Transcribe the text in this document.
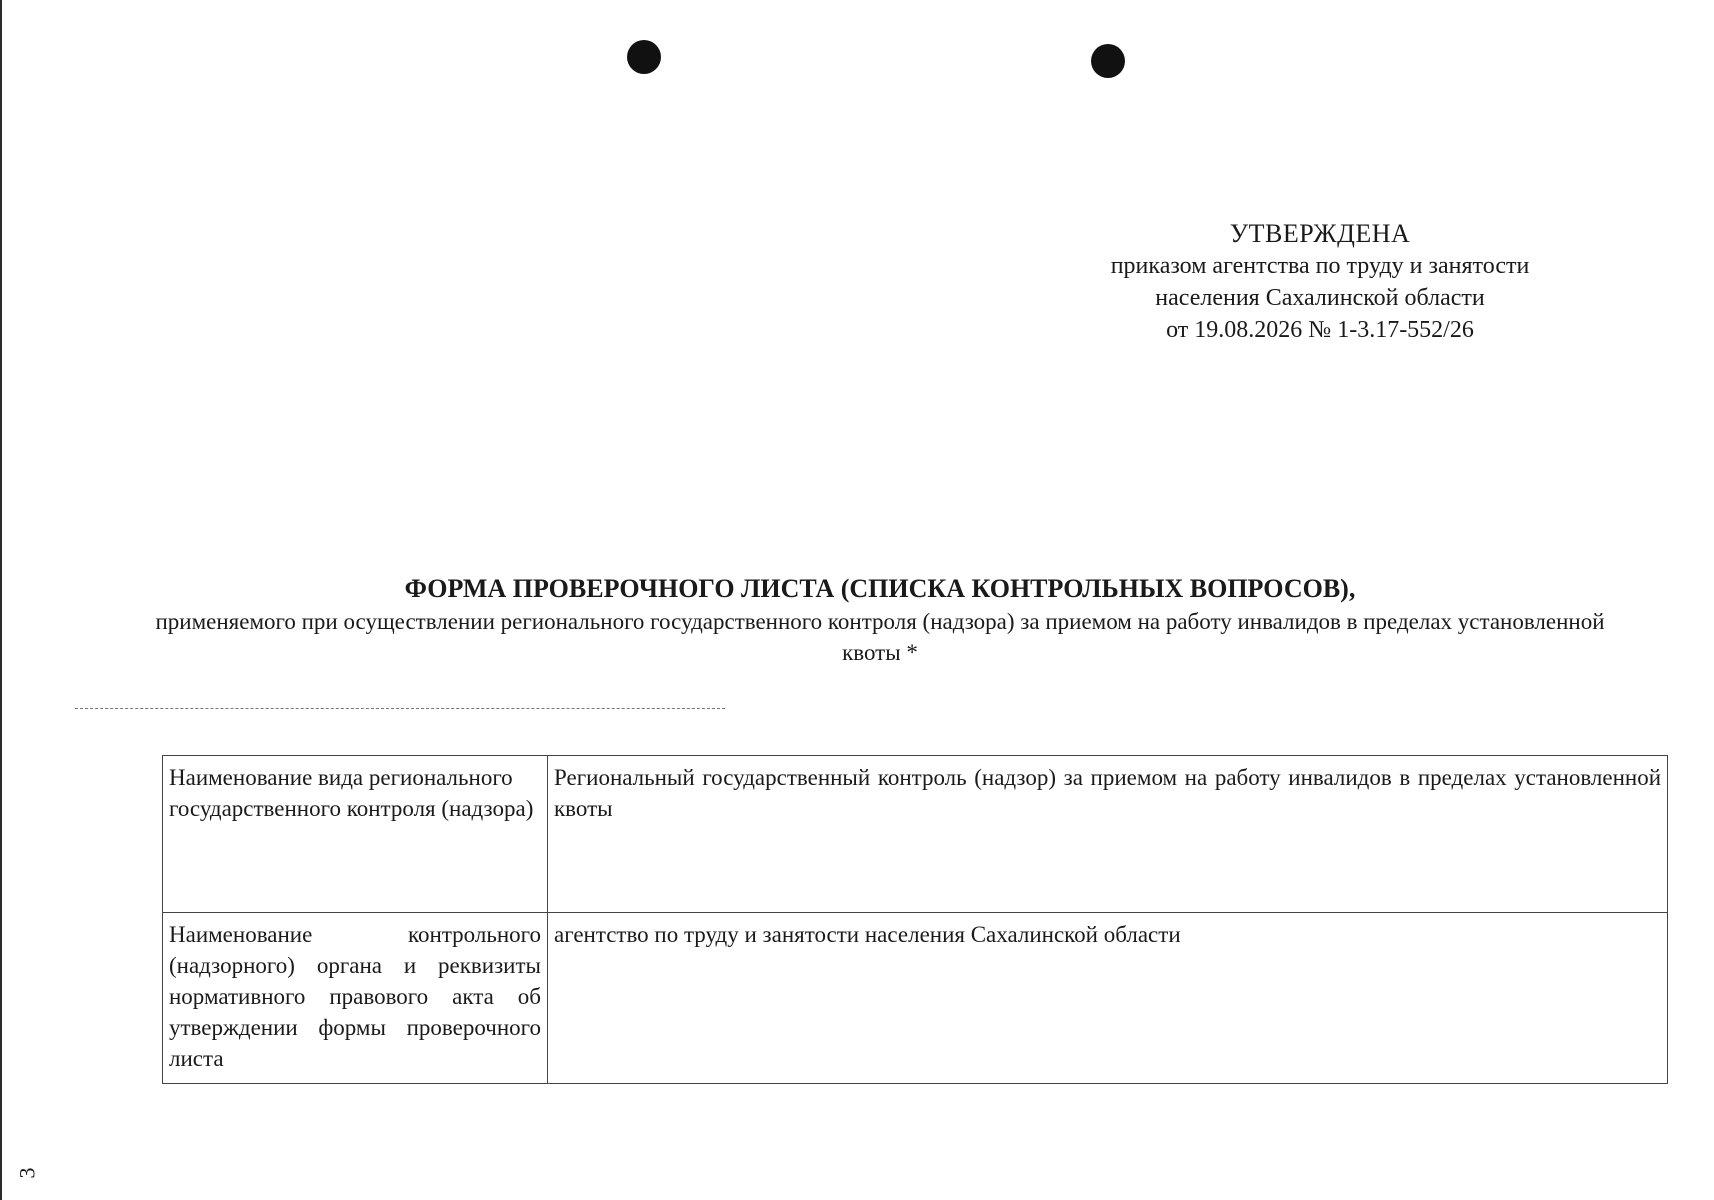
УТВЕРЖДЕНА
приказом агентства по труду и занятости
населения Сахалинской области
от 19.08.2026 № 1-3.17-552/26
ФОРМА ПРОВЕРОЧНОГО ЛИСТА (СПИСКА КОНТРОЛЬНЫХ ВОПРОСОВ),
применяемого при осуществлении регионального государственного контроля (надзора) за приемом на работу инвалидов в пределах установленной квоты *
Наименование вида регионального государственного контроля (надзора)	Региональный государственный контроль (надзор) за приемом на работу инвалидов в пределах установленной квоты
Наименование контрольного (надзорного) органа и реквизиты нормативного правового акта об утверждении формы проверочного листа	агентство по труду и занятости населения Сахалинской области
3
